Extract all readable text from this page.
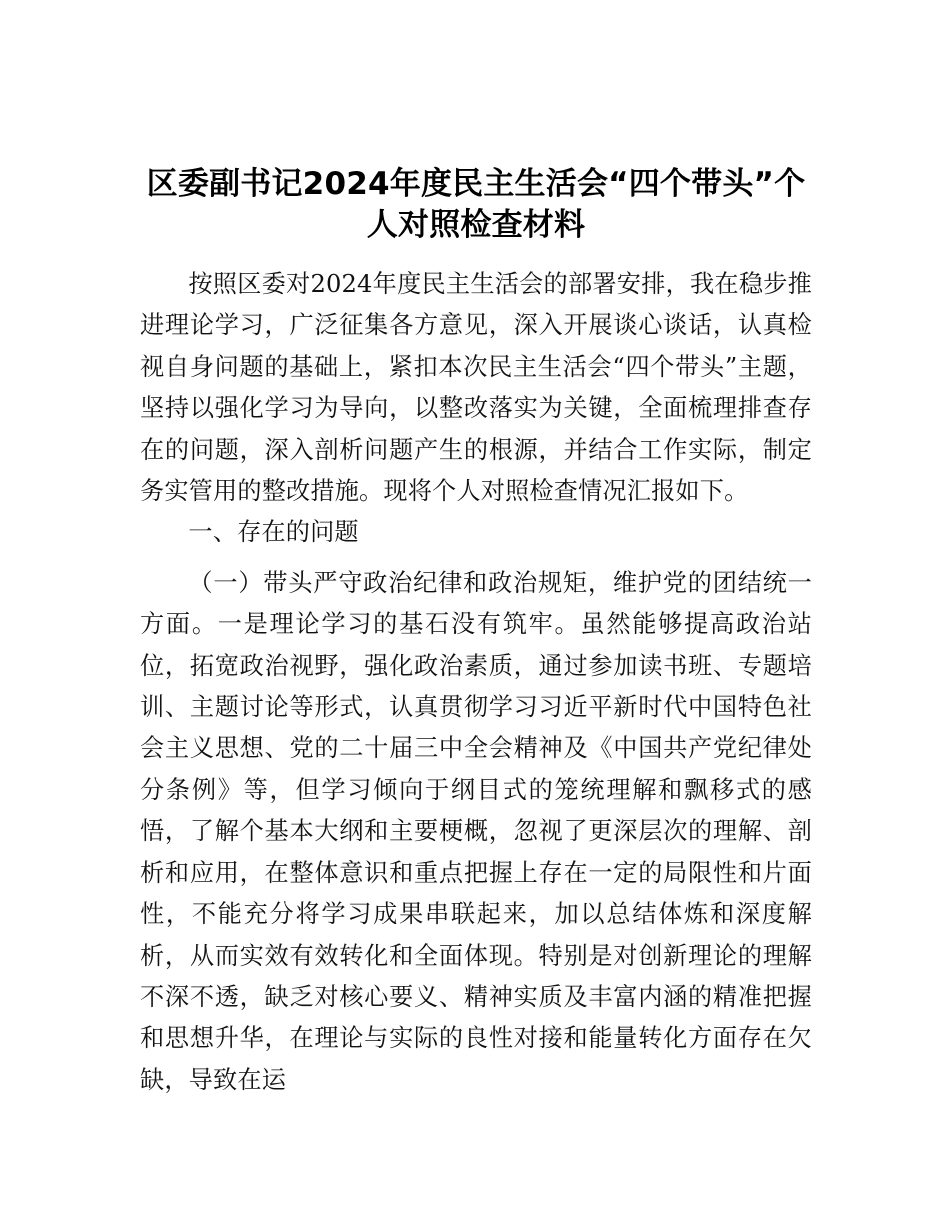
区委副书记2024年度民主生活会“四个带头”个人对照检查材料

按照区委对2024年度民主生活会的部署安排，我在稳步推进理论学习，广泛征集各方意见，深入开展谈心谈话，认真检视自身问题的基础上，紧扣本次民主生活会“四个带头”主题，坚持以强化学习为导向，以整改落实为关键，全面梳理排查存在的问题，深入剖析问题产生的根源，并结合工作实际，制定务实管用的整改措施。现将个人对照检查情况汇报如下。

一、存在的问题

（一）带头严守政治纪律和政治规矩，维护党的团结统一方面。一是理论学习的基石没有筑牢。虽然能够提高政治站位，拓宽政治视野，强化政治素质，通过参加读书班、专题培训、主题讨论等形式，认真贯彻学习习近平新时代中国特色社会主义思想、党的二十届三中全会精神及《中国共产党纪律处分条例》等，但学习倾向于纲目式的笼统理解和飘移式的感悟，了解个基本大纲和主要梗概，忽视了更深层次的理解、剖析和应用，在整体意识和重点把握上存在一定的局限性和片面性，不能充分将学习成果串联起来，加以总结体炼和深度解析，从而实效有效转化和全面体现。特别是对创新理论的理解不深不透，缺乏对核心要义、精神实质及丰富内涵的精准把握和思想升华，在理论与实际的良性对接和能量转化方面存在欠缺，导致在运
